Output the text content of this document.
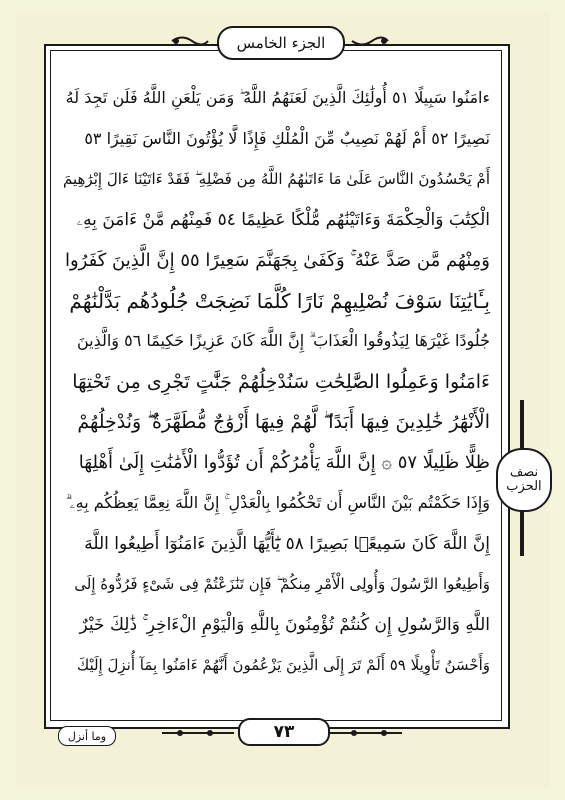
الجزء الخامس
ءامَنُوا سَبِيلًا ٥١ أُولَٰئِكَ الَّذِينَ لَعَنَهُمُ اللَّهُ ۖ وَمَن يَلْعَنِ اللَّهُ فَلَن تَجِدَ لَهُ
نَصِيرًا ٥٢ أَمْ لَهُمْ نَصِيبٌ مِّنَ الْمُلْكِ فَإِذًا لَّا يُؤْتُونَ النَّاسَ نَقِيرًا ٥٣
أَمْ يَحْسُدُونَ النَّاسَ عَلَىٰ مَا ءَاتَىٰهُمُ اللَّهُ مِن فَضْلِهِ ۖ فَقَدْ ءَاتَيْنَا ءَالَ إِبْرَٰهِيمَ
الْكِتَٰبَ وَالْحِكْمَةَ وَءَاتَيْنَٰهُم مُّلْكًا عَظِيمًا ٥٤ فَمِنْهُم مَّنْ ءَامَنَ بِهِۦ
وَمِنْهُم مَّن صَدَّ عَنْهُ ۚ وَكَفَىٰ بِجَهَنَّمَ سَعِيرًا ٥٥ إِنَّ الَّذِينَ كَفَرُوا
بِـَٔايَٰتِنَا سَوْفَ نُصْلِيهِمْ نَارًا كُلَّمَا نَضِجَتْ جُلُودُهُم بَدَّلْنَٰهُمْ
جُلُودًا غَيْرَهَا لِيَذُوقُوا الْعَذَابَ ۗ إِنَّ اللَّهَ كَانَ عَزِيزًا حَكِيمًا ٥٦ وَالَّذِينَ
ءَامَنُوا وَعَمِلُوا الصَّٰلِحَٰتِ سَنُدْخِلُهُمْ جَنَّٰتٍ تَجْرِى مِن تَحْتِهَا
الْأَنْهَٰرُ خَٰلِدِينَ فِيهَا أَبَدًا ۖ لَّهُمْ فِيهَا أَزْوَٰجٌ مُّطَهَّرَةٌ ۖ وَنُدْخِلُهُمْ
ظِلًّا ظَلِيلًا ٥٧ ۞ إِنَّ اللَّهَ يَأْمُرُكُمْ أَن تُؤَدُّوا الْأَمَٰنَٰتِ إِلَىٰ أَهْلِهَا
وَإِذَا حَكَمْتُم بَيْنَ النَّاسِ أَن تَحْكُمُوا بِالْعَدْلِ ۚ إِنَّ اللَّهَ نِعِمَّا يَعِظُكُم بِهِۦ ۗ
إِنَّ اللَّهَ كَانَ سَمِيعًۢا بَصِيرًا ٥٨ يَٰٓأَيُّهَا الَّذِينَ ءَامَنُوٓا أَطِيعُوا اللَّهَ
وَأَطِيعُوا الرَّسُولَ وَأُولِى الْأَمْرِ مِنكُمْ ۖ فَإِن تَنَٰزَعْتُمْ فِى شَىْءٍ فَرُدُّوهُ إِلَى
اللَّهِ وَالرَّسُولِ إِن كُنتُمْ تُؤْمِنُونَ بِاللَّهِ وَالْيَوْمِ الْءَاخِرِ ۚ ذَٰلِكَ خَيْرٌ
وَأَحْسَنُ تَأْوِيلًا ٥٩ أَلَمْ تَرَ إِلَى الَّذِينَ يَزْعُمُونَ أَنَّهُمْ ءَامَنُوا بِمَآ أُنزِلَ إِلَيْكَ
نصف الحزب
٧٣
وما أنزل
